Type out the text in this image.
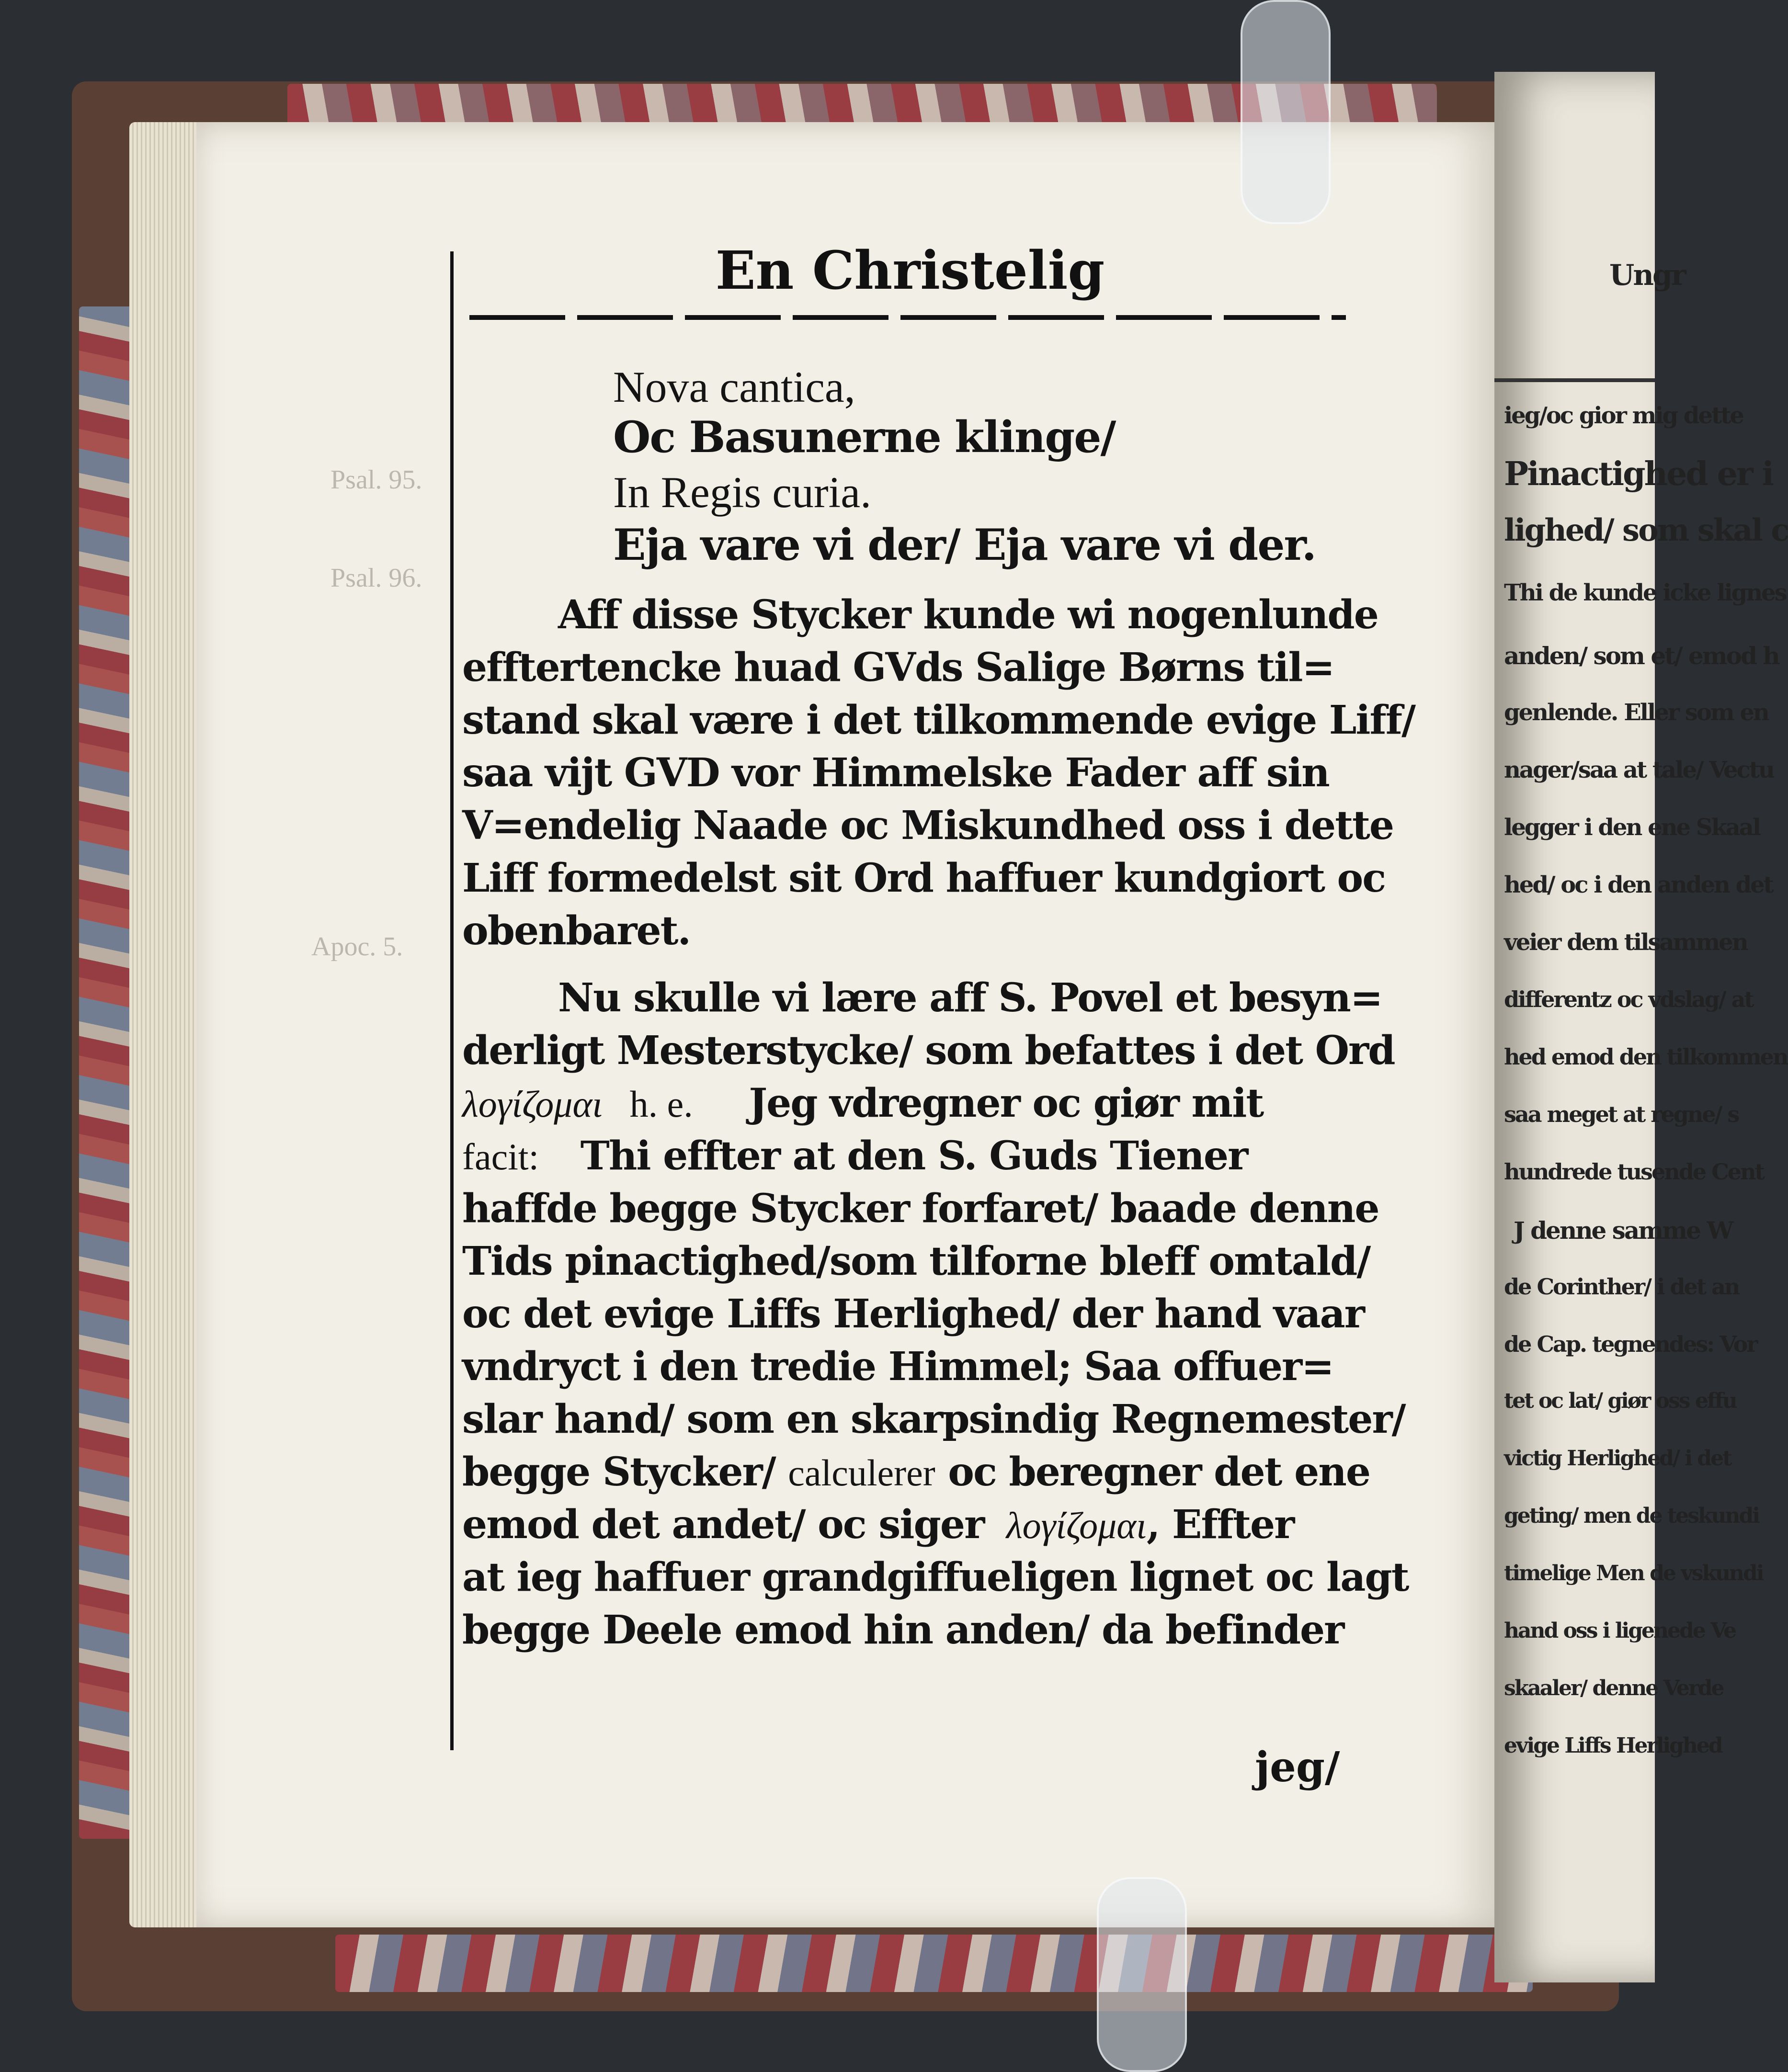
Psal. 95.
Psal. 96.
Apoc. 5.
En Christelig
Nova cantica,
Oc Basunerne klinge/
In Regis curia.
Eja vare vi der/ Eja vare vi der.
Aff disse Stycker kunde wi nogenlunde
efftertencke huad GVds Salige Børns til=
stand skal være i det tilkommende evige Liff/
saa vijt GVD vor Himmelske Fader aff sin
V=endelig Naade oc Miskundhed oss i dette
Liff formedelst sit Ord haffuer kundgiort oc
obenbaret.
Nu skulle vi lære aff S. Povel et besyn=
derligt Mesterstycke/ som befattes i det Ord
λογίζομαι h. e. Jeg vdregner oc giør mit
facit: Thi effter at den S. Guds Tiener
haffde begge Stycker forfaret/ baade denne
Tids pinactighed/som tilforne bleff omtald/
oc det evige Liffs Herlighed/ der hand vaar
vndryct i den tredie Himmel; Saa offuer=
slar hand/ som en skarpsindig Regnemester/
begge Stycker/ calculerer oc beregner det ene
emod det andet/ oc siger λογίζομαι, Effter
at ieg haffuer grandgiffueligen lignet oc lagt
begge Deele emod hin anden/ da befinder
jeg/
Ungr
ieg/oc gior mig dette
Pinactighed er i
lighed/ som skal c
Thi de kunde icke lignes
anden/ som et/ emod h
genlende. Eller som en
nager/saa at tale/ Vectu
legger i den ene Skaal
hed/ oc i den anden det
veier dem tilsammen
differentz oc vdslag/ at
hed emod den tilkommen
saa meget at regne/ s
hundrede tusende Cent
J denne samme W
de Corinther/ i det an
de Cap. tegnendes: Vor
tet oc lat/ giør oss effu
victig Herlighed/ i det
geting/ men de teskundi
timelige Men de vskundi
hand oss i ligenede Ve
skaaler/ denne Verde
evige Liffs Herlighed
